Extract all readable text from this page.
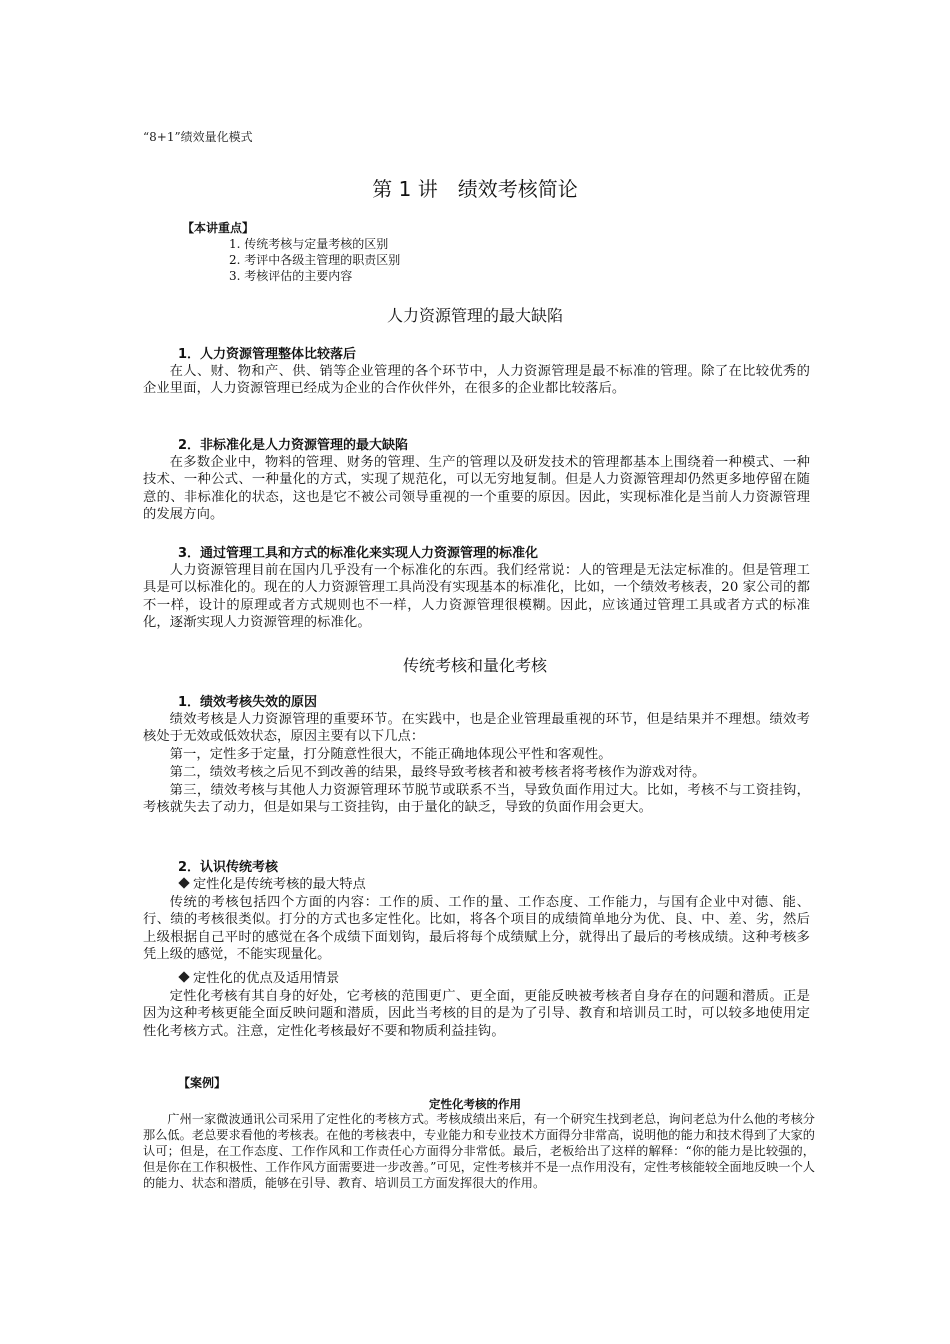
“8+1”绩效量化模式
第 1 讲　绩效考核简论
【本讲重点】
1. 传统考核与定量考核的区别
2. 考评中各级主管理的职责区别
3. 考核评估的主要内容
人力资源管理的最大缺陷
1．人力资源管理整体比较落后

在人、财、物和产、供、销等企业管理的各个环节中，人力资源管理是最不标准的管理。除了在比较优秀的企业里面，人力资源管理已经成为企业的合作伙伴外，在很多的企业都比较落后。

2．非标准化是人力资源管理的最大缺陷

在多数企业中，物料的管理、财务的管理、生产的管理以及研发技术的管理都基本上围绕着一种模式、一种技术、一种公式、一种量化的方式，实现了规范化，可以无穷地复制。但是人力资源管理却仍然更多地停留在随意的、非标准化的状态，这也是它不被公司领导重视的一个重要的原因。因此，实现标准化是当前人力资源管理的发展方向。

3．通过管理工具和方式的标准化来实现人力资源管理的标准化

人力资源管理目前在国内几乎没有一个标准化的东西。我们经常说：人的管理是无法定标准的。但是管理工具是可以标准化的。现在的人力资源管理工具尚没有实现基本的标准化，比如，一个绩效考核表，20 家公司的都不一样，设计的原理或者方式规则也不一样，人力资源管理很模糊。因此，应该通过管理工具或者方式的标准化，逐渐实现人力资源管理的标准化。

传统考核和量化考核
1．绩效考核失效的原因

绩效考核是人力资源管理的重要环节。在实践中，也是企业管理最重视的环节，但是结果并不理想。绩效考核处于无效或低效状态，原因主要有以下几点：

第一，定性多于定量，打分随意性很大，不能正确地体现公平性和客观性。

第二，绩效考核之后见不到改善的结果，最终导致考核者和被考核者将考核作为游戏对待。

第三，绩效考核与其他人力资源管理环节脱节或联系不当，导致负面作用过大。比如，考核不与工资挂钩，考核就失去了动力，但是如果与工资挂钩，由于量化的缺乏，导致的负面作用会更大。

2．认识传统考核
定性化是传统考核的最大特点

传统的考核包括四个方面的内容：工作的质、工作的量、工作态度、工作能力，与国有企业中对德、能、行、绩的考核很类似。打分的方式也多定性化。比如，将各个项目的成绩简单地分为优、良、中、差、劣，然后上级根据自己平时的感觉在各个成绩下面划钩，最后将每个成绩赋上分，就得出了最后的考核成绩。这种考核多凭上级的感觉，不能实现量化。

定性化的优点及适用情景

定性化考核有其自身的好处，它考核的范围更广、更全面，更能反映被考核者自身存在的问题和潜质。正是因为这种考核更能全面反映问题和潜质，因此当考核的目的是为了引导、教育和培训员工时，可以较多地使用定性化考核方式。注意，定性化考核最好不要和物质利益挂钩。

【案例】
定性化考核的作用

广州一家微波通讯公司采用了定性化的考核方式。考核成绩出来后，有一个研究生找到老总，询问老总为什么他的考核分那么低。老总要求看他的考核表。在他的考核表中，专业能力和专业技术方面得分非常高，说明他的能力和技术得到了大家的认可；但是，在工作态度、工作作风和工作责任心方面得分非常低。最后，老板给出了这样的解释：“你的能力是比较强的，但是你在工作积极性、工作作风方面需要进一步改善。”可见，定性考核并不是一点作用没有，定性考核能较全面地反映一个人的能力、状态和潜质，能够在引导、教育、培训员工方面发挥很大的作用。
